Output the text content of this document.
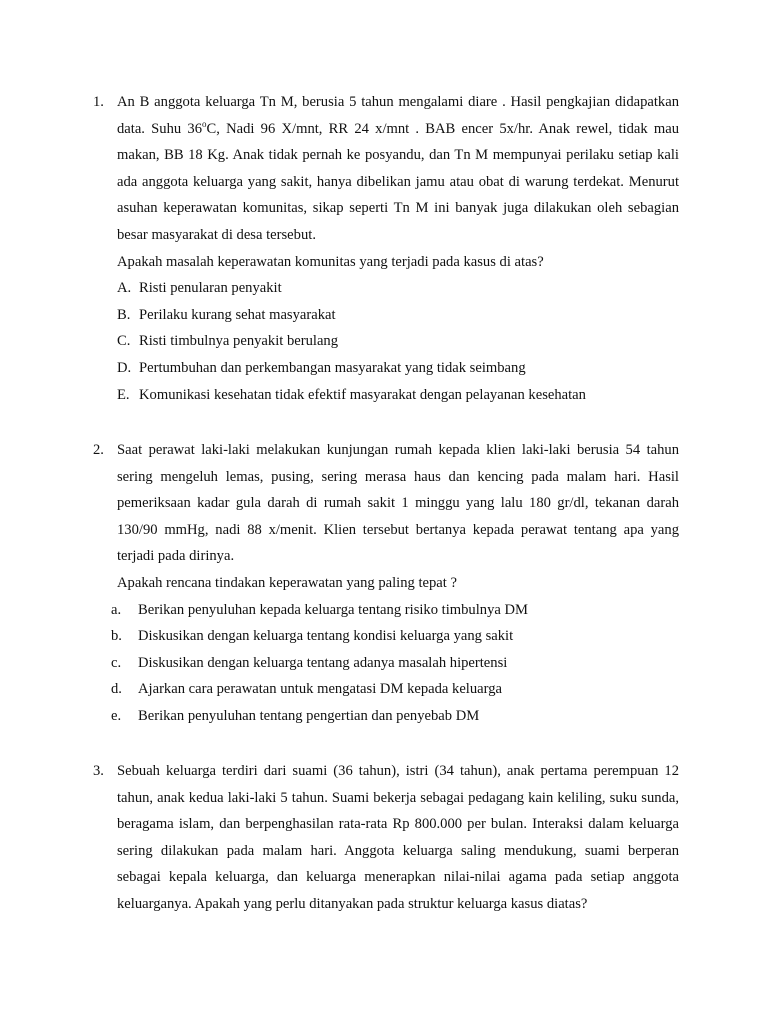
1. An B anggota keluarga Tn M, berusia 5 tahun mengalami diare . Hasil pengkajian didapatkan data. Suhu 36$^o$C, Nadi 96 X/mnt, RR 24 x/mnt . BAB encer 5x/hr. Anak rewel, tidak mau makan, BB 18 Kg. Anak tidak pernah ke posyandu, dan Tn M mempunyai perilaku setiap kali ada anggota keluarga yang sakit, hanya dibelikan jamu atau obat di warung terdekat. Menurut asuhan keperawatan komunitas, sikap seperti Tn M ini banyak juga dilakukan oleh sebagian besar masyarakat di desa tersebut.

Apakah masalah keperawatan komunitas yang terjadi pada kasus di atas?

A. Risti penularan penyakit
B. Perilaku kurang sehat masyarakat
C. Risti timbulnya penyakit berulang
D. Pertumbuhan dan perkembangan masyarakat yang tidak seimbang
E. Komunikasi kesehatan tidak efektif masyarakat dengan pelayanan kesehatan
2. Saat perawat laki-laki melakukan kunjungan rumah kepada klien laki-laki berusia 54 tahun sering mengeluh lemas, pusing, sering merasa haus dan kencing pada malam hari. Hasil pemeriksaan kadar gula darah di rumah sakit 1 minggu yang lalu 180 gr/dl, tekanan darah 130/90 mmHg, nadi 88 x/menit. Klien tersebut bertanya kepada perawat tentang apa yang terjadi pada dirinya.

Apakah rencana tindakan keperawatan yang paling tepat ?

a. Berikan penyuluhan kepada keluarga tentang risiko timbulnya DM
b. Diskusikan dengan keluarga tentang kondisi keluarga yang sakit
c. Diskusikan dengan keluarga tentang adanya masalah hipertensi
d. Ajarkan cara perawatan untuk mengatasi DM kepada keluarga
e. Berikan penyuluhan tentang pengertian dan penyebab DM
3. Sebuah keluarga terdiri dari suami (36 tahun), istri (34 tahun), anak pertama perempuan 12 tahun, anak kedua laki-laki 5 tahun. Suami bekerja sebagai pedagang kain keliling, suku sunda, beragama islam, dan berpenghasilan rata-rata Rp 800.000 per bulan. Interaksi dalam keluarga sering dilakukan pada malam hari. Anggota keluarga saling mendukung, suami berperan sebagai kepala keluarga, dan keluarga menerapkan nilai-nilai agama pada setiap anggota keluarganya. Apakah yang perlu ditanyakan pada struktur keluarga kasus diatas?
